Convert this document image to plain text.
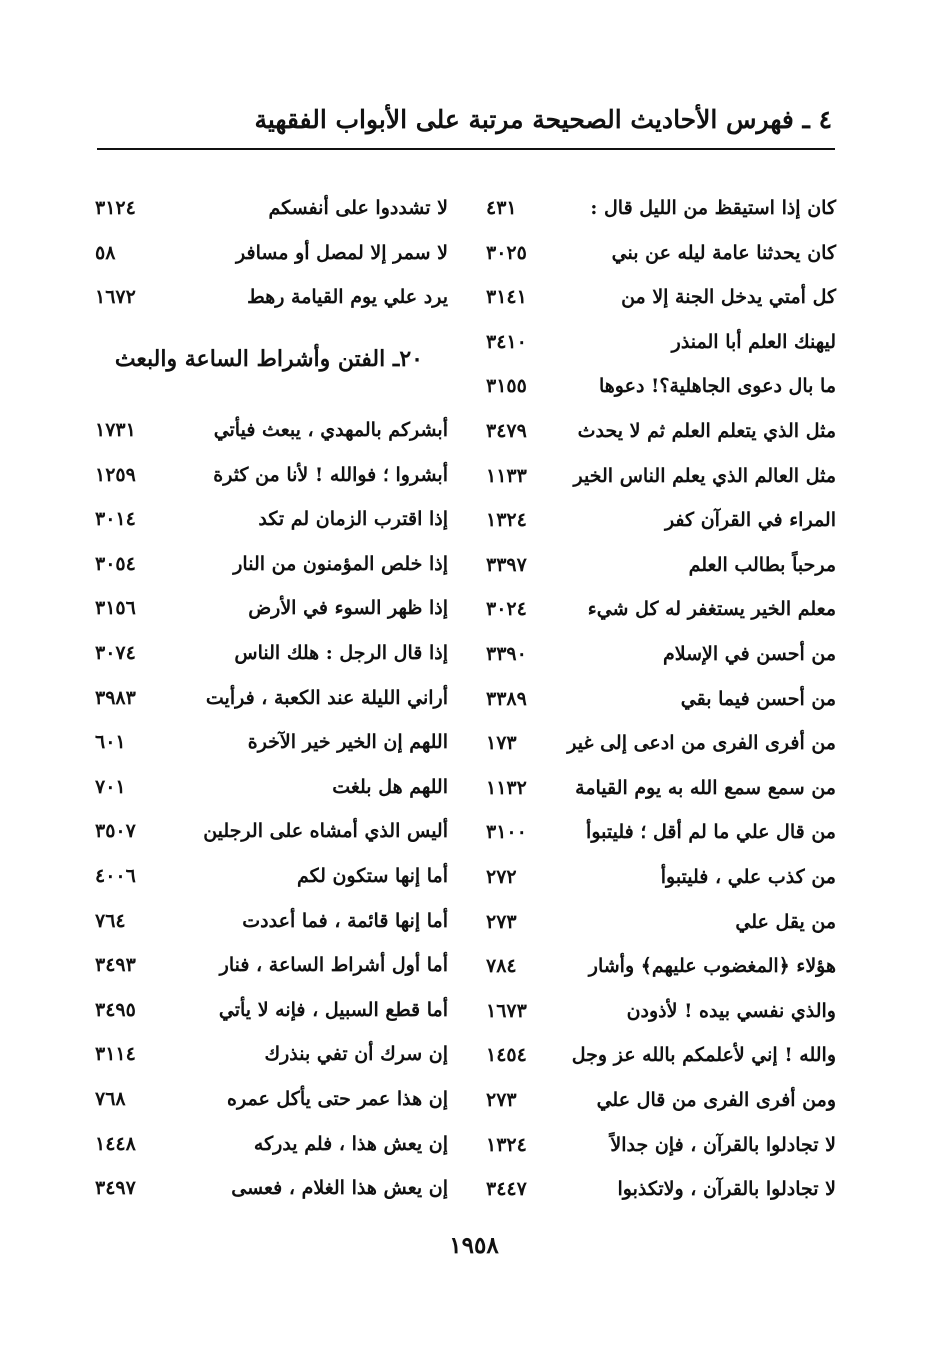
٤ ـ فهرس الأحاديث الصحيحة مرتبة على الأبواب الفقهية
كان إذا استيقظ من الليل قال :
٤٣١
كان يحدثنا عامة ليله عن بني
٣٠٢٥
كل أمتي يدخل الجنة إلا من
٣١٤١
ليهنك العلم أبا المنذر
٣٤١٠
ما بال دعوى الجاهلية؟! دعوها
٣١٥٥
مثل الذي يتعلم العلم ثم لا يحدث
٣٤٧٩
مثل العالم الذي يعلم الناس الخير
١١٣٣
المراء في القرآن كفر
١٣٢٤
مرحباً بطالب العلم
٣٣٩٧
معلم الخير يستغفر له كل شيء
٣٠٢٤
من أحسن في الإسلام
٣٣٩٠
من أحسن فيما بقي
٣٣٨٩
من أفرى الفرى من ادعى إلى غير
١٧٣
من سمع سمع الله به يوم القيامة
١١٣٢
من قال علي ما لم أقل ؛ فليتبوأ
٣١٠٠
من كذب علي ، فليتبوأ
٢٧٢
من يقل علي
٢٧٣
هؤلاء ﴿المغضوب عليهم﴾ وأشار
٧٨٤
والذي نفسي بيده ! لأذودن
١٦٧٣
والله ! إني لأعلمكم بالله عز وجل
١٤٥٤
ومن أفرى الفرى من قال علي
٢٧٣
لا تجادلوا بالقرآن ، فإن جدالاً
١٣٢٤
لا تجادلوا بالقرآن ، ولاتكذبوا
٣٤٤٧
لا تشددوا على أنفسكم
٣١٢٤
لا سمر إلا لمصل أو مسافر
٥٨
يرد علي يوم القيامة رهط
١٦٧٢
أبشركم بالمهدي ، يبعث فيأتي
١٧٣١
أبشروا ؛ فوالله ! لأنا من كثرة
١٢٥٩
إذا اقترب الزمان لم تكد
٣٠١٤
إذا خلص المؤمنون من النار
٣٠٥٤
إذا ظهر السوء في الأرض
٣١٥٦
إذا قال الرجل : هلك الناس
٣٠٧٤
أراني الليلة عند الكعبة ، فرأيت
٣٩٨٣
اللهم إن الخير خير الآخرة
٦٠١
اللهم هل بلغت
٧٠١
أليس الذي أمشاه على الرجلين
٣٥٠٧
أما إنها ستكون لكم
٤٠٠٦
أما إنها قائمة ، فما أعددت
٧٦٤
أما أول أشراط الساعة ، فنار
٣٤٩٣
أما قطع السبيل ، فإنه لا يأتي
٣٤٩٥
إن سرك أن تفي بنذرك
٣١١٤
إن هذا عمر حتى يأكل عمره
٧٦٨
إن يعش هذا ، فلم يدركه
١٤٤٨
إن يعش هذا الغلام ، فعسى
٣٤٩٧
٢٠ـ الفتن وأشراط الساعة والبعث
١٩٥٨
